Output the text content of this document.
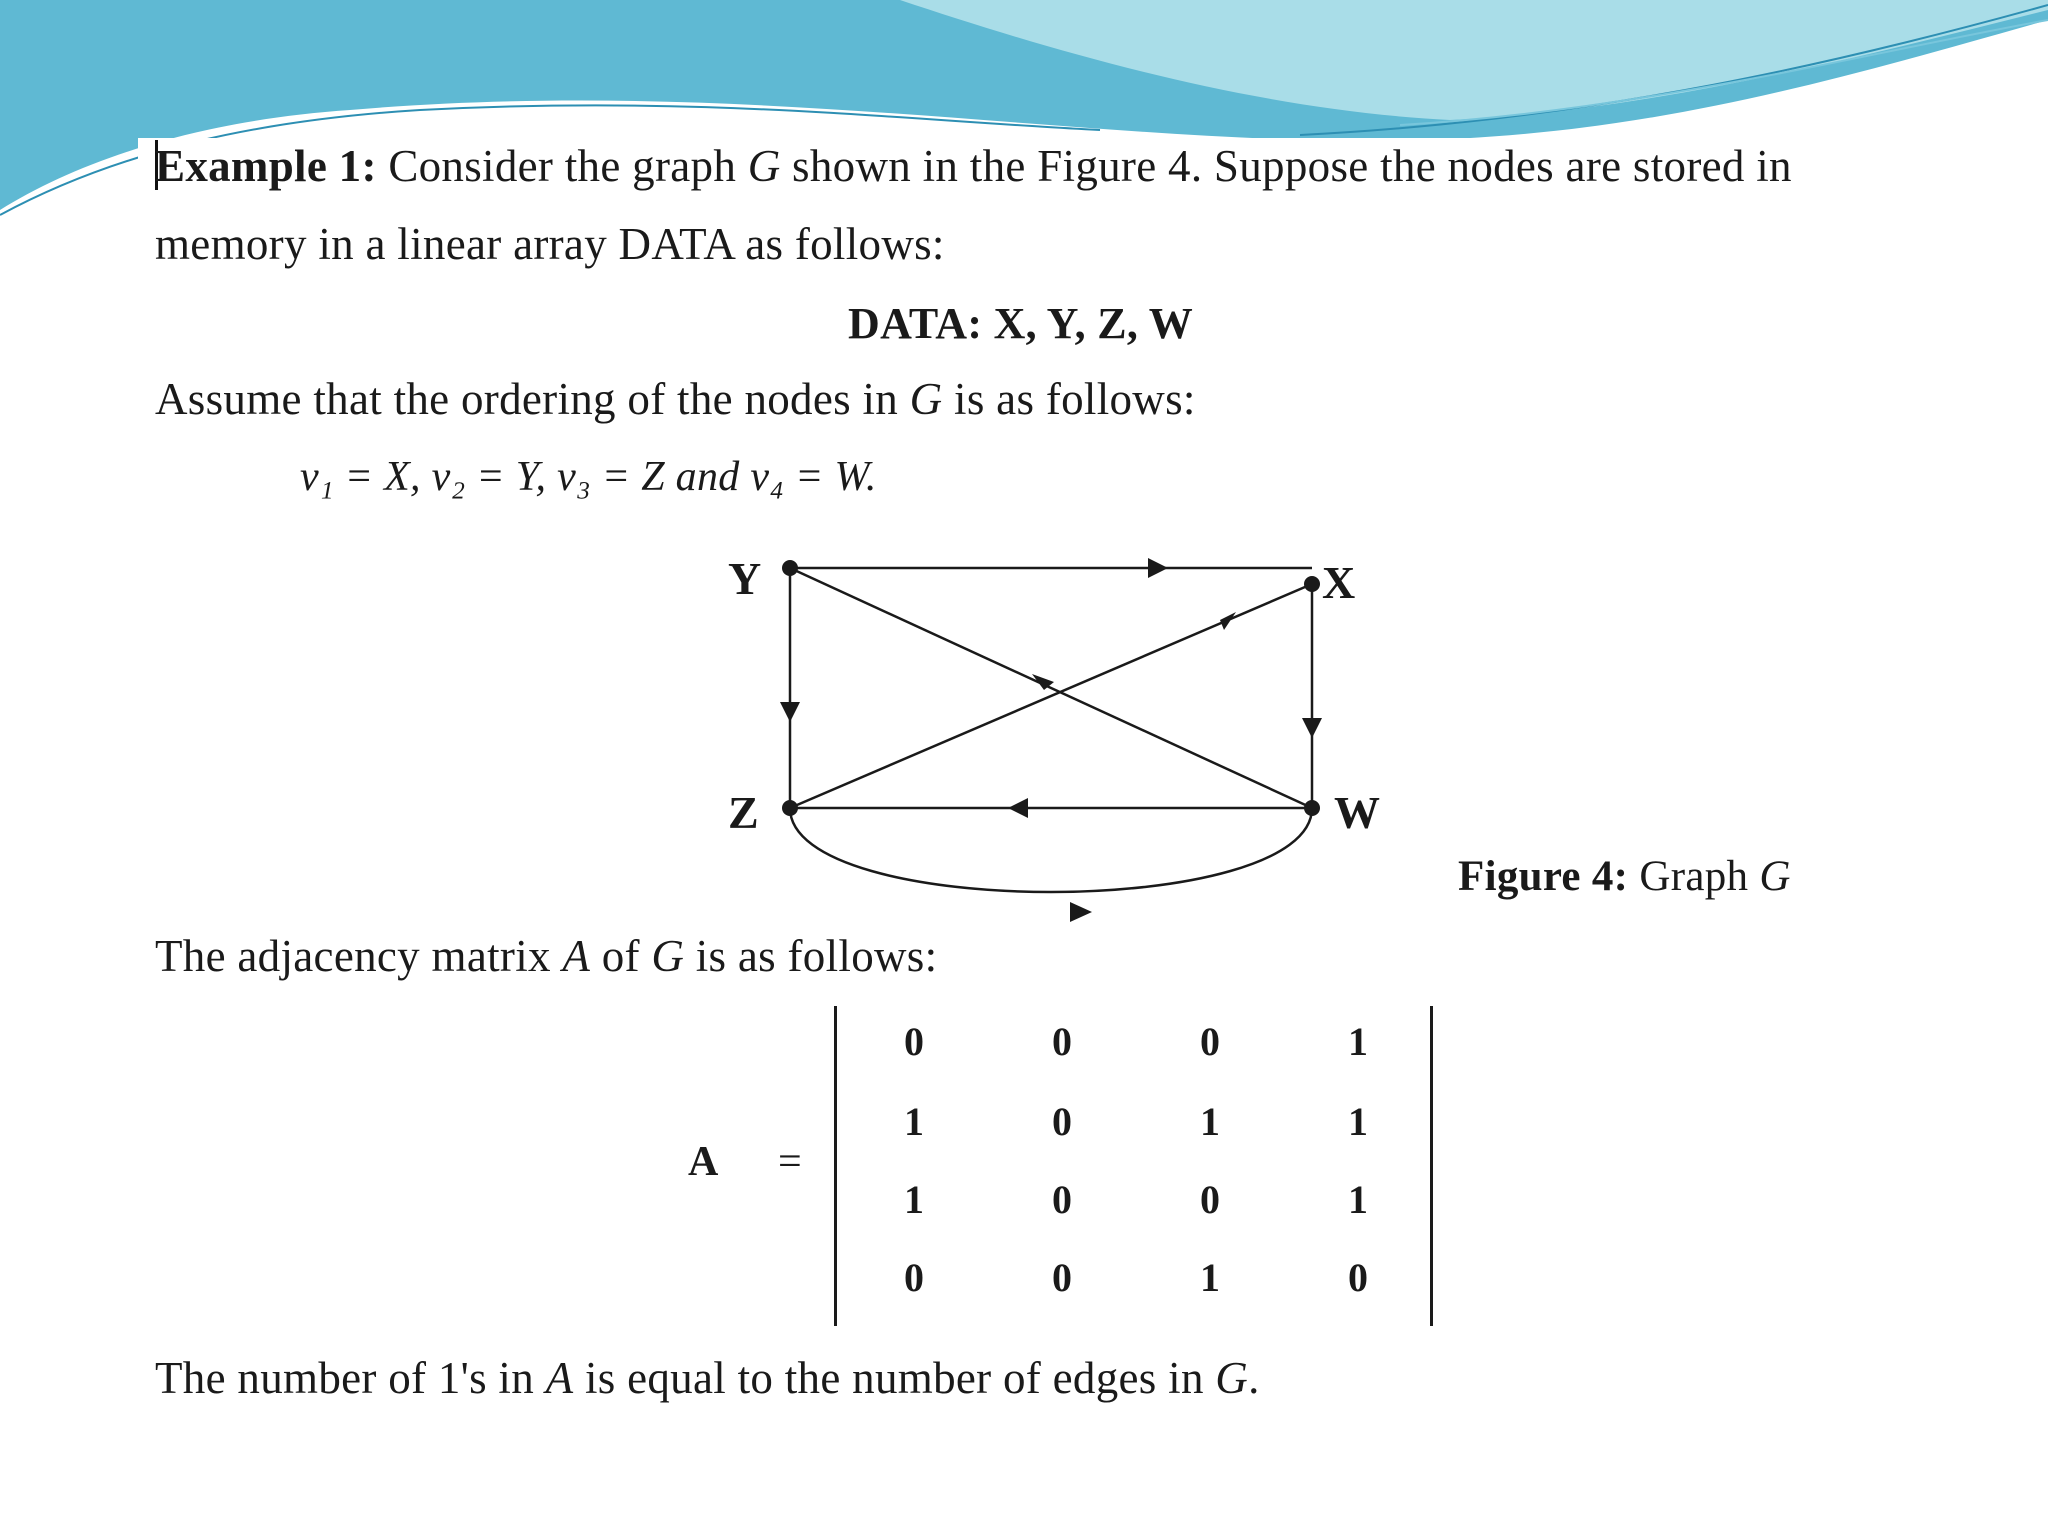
Example 1: Consider the graph G shown in the Figure 4. Suppose the nodes are stored in
memory in a linear array DATA as follows:
DATA: X, Y, Z, W
Assume that the ordering of the nodes in G is as follows:
v₁ = X, v₂ = Y, v₃ = Z and v₄ = W.
Y	X
Z	W
Figure 4: Graph G
The adjacency matrix A of G is as follows:
A =
0	0	0	1
1	0	1	1
1	0	0	1
0	0	1	0
The number of 1's in A is equal to the number of edges in G.
